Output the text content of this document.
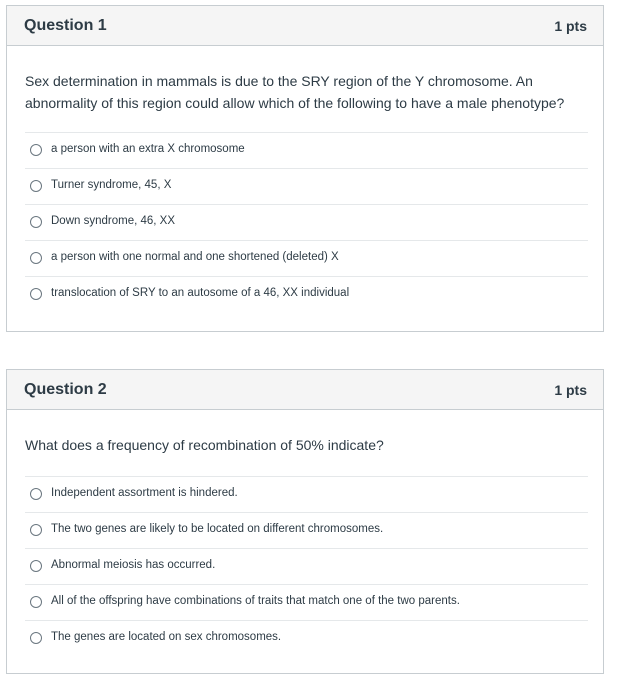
Question 1	1 pts
Sex determination in mammals is due to the SRY region of the Y chromosome. An abnormality of this region could allow which of the following to have a male phenotype?
a person with an extra X chromosome
Turner syndrome, 45, X
Down syndrome, 46, XX
a person with one normal and one shortened (deleted) X
translocation of SRY to an autosome of a 46, XX individual
Question 2	1 pts
What does a frequency of recombination of 50% indicate?
Independent assortment is hindered.
The two genes are likely to be located on different chromosomes.
Abnormal meiosis has occurred.
All of the offspring have combinations of traits that match one of the two parents.
The genes are located on sex chromosomes.
